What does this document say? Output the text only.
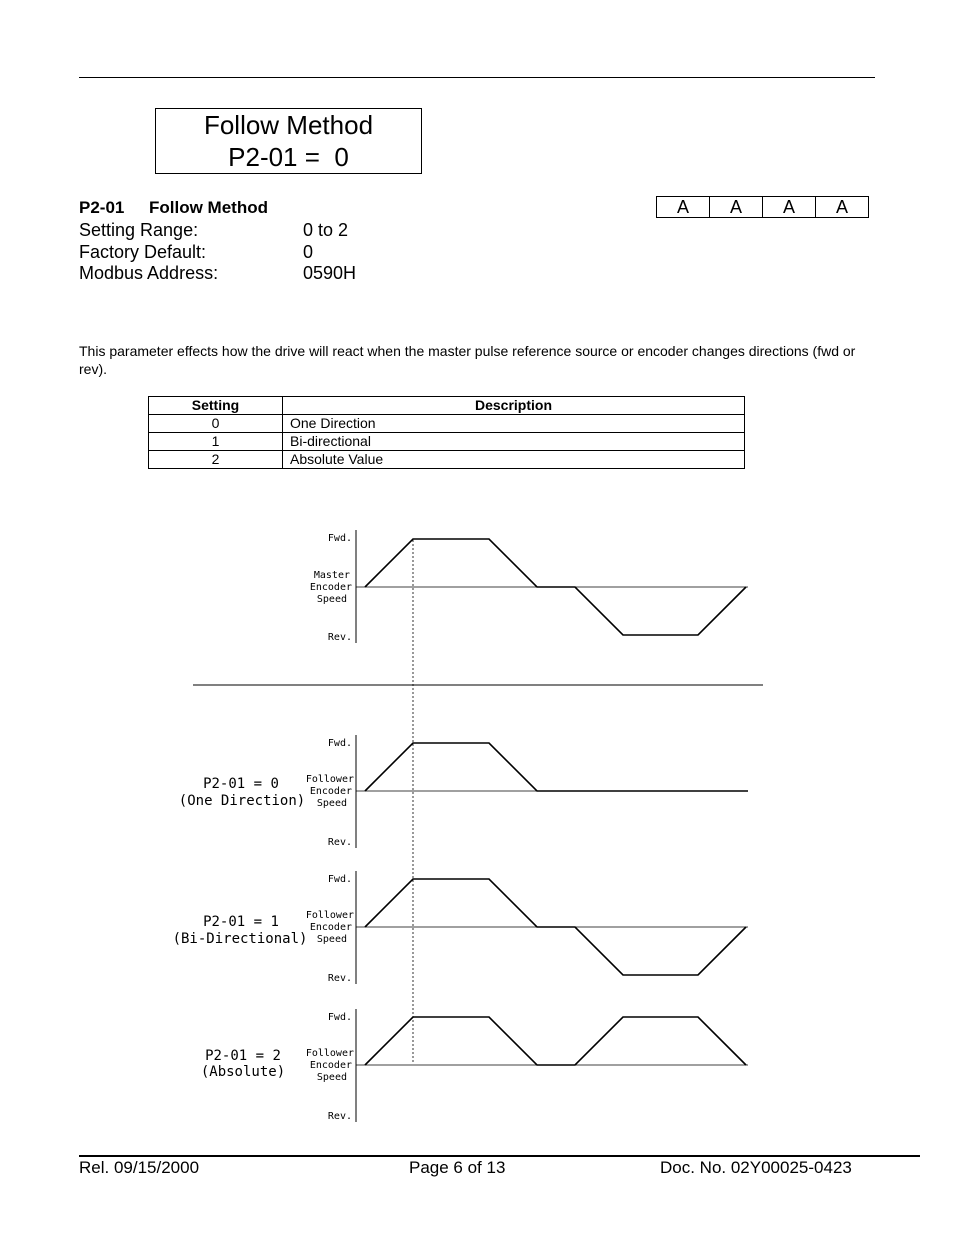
Follow Method
P2-01 =  0
P2-01 Follow Method	A	A	A	A
Setting Range:	0 to 2
Factory Default:	0
Modbus Address:	0590H
This parameter effects how the drive will react when the master pulse reference source or encoder changes directions (fwd or rev).
Setting	Description
0	One Direction
1	Bi-directional
2	Absolute Value
Fwd.
Master
Encoder
Speed
Rev.
Fwd.
Follower
Encoder
Speed
Rev.
P2-01 = 0
(One Direction)
Fwd.
Follower
Encoder
Speed
Rev.
P2-01 = 1
(Bi-Directional)
Fwd.
Follower
Encoder
Speed
Rev.
P2-01 = 2
(Absolute)
Rel. 09/15/2000	Page 6 of 13	Doc. No. 02Y00025-0423
